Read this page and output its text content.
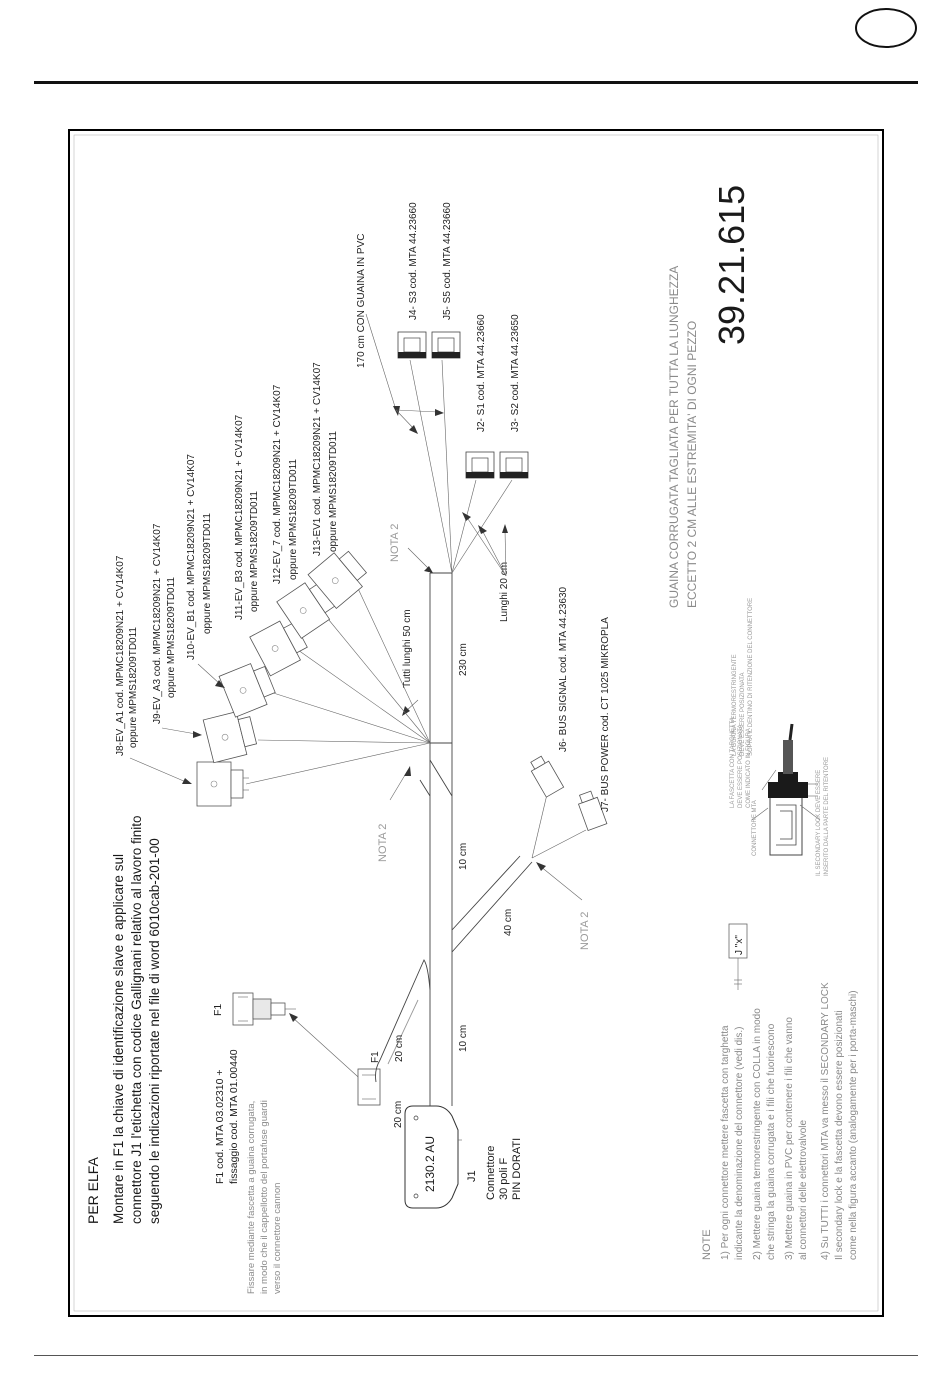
PER ELFA Montare in F1 la chiave di identificazione slave e applicare sul connettore J1 l'etichetta con codice Gallignani relativo al lavoro finito seguendo le indicazioni riportate nel file di word 6010cab-201-00	F1 cod. MTA 03.02310 + fissaggio cod. MTA 01.00440 Fissare mediante fascetta a guaina corrugata, in modo che il cappellotto del portafuse guardi verso il connettore cannon
F1
F1
2130.2 AU	J1 Connettore 30 poli F PIN DORATI
20 cm
20 cm	10 cm
10 cm
40 cm
230 cm
Tutti lunghi 50 cm
Lunghi 20 cm
170 cm CON GUAINA IN PVC
NOTA 2
NOTA 2
NOTA 2
J8-EV_A1 cod. MPMC18209N21 + CV14K07 oppure MPMS18209TD011 J9-EV_A3 cod. MPMC18209N21 + CV14K07 oppure MPMS18209TD011 J10-EV_B1 cod. MPMC18209N21 + CV14K07 oppure MPMS18209TD011 J11-EV_B3 cod. MPMC18209N21 + CV14K07 oppure MPMS18209TD011 J12-EV_7 cod. MPMC18209N21 + CV14K07 oppure MPMS18209TD011 J13-EV1 cod. MPMC18209N21 + CV14K07 oppure MPMS18209TD011
J4- S3 cod. MTA 44.23660 J5- S5 cod. MTA 44.23660
J2- S1 cod. MTA 44.23660 J3- S2 cod. MTA 44.23650
J6- BUS SIGNAL cod. MTA 44.23630	J7- BUS POWER cod. CT 1025 MIKROPLA
GUAINA CORRUGATA TAGLIATA PER TUTTA LA LUNGHEZZA ECCETTO 2 CM ALLE ESTREMITA' DI OGNI PEZZO
39.21.615
J "x"
CONNETTORE MTA
LA FASCETTA CON TARGHETTA DEVE ESSERE POSIZIONATA COME INDICATO IN FIGURA
LA GUAINA TERMORESTRINGENTE DEVE ESSERE POSIZIONATA SOPRA IL DENTINO DI RITENZIONE DEL CONNETTORE
IL SECONDARY LOCK DEVE ESSERE INSERITO DALLA PARTE DEL RITENTORE
NOTE 1) Per ogni connettore mettere fascetta con targhetta indicante la denominazione del connettore (vedi dis.) 2) Mettere guaina termorestringente con COLLA in modo che stringa la guaina corrugata e i fili che fuoriescono 3) Mettere guaina in PVC per contenere i fili che vanno al connettori delle elettrovalvole 4) Su TUTTI i connettori MTA va messo il SECONDARY LOCK Il secondary lock e la fascetta devono essere posizionati come nella figura accanto (analogamente per i porta-maschi)
